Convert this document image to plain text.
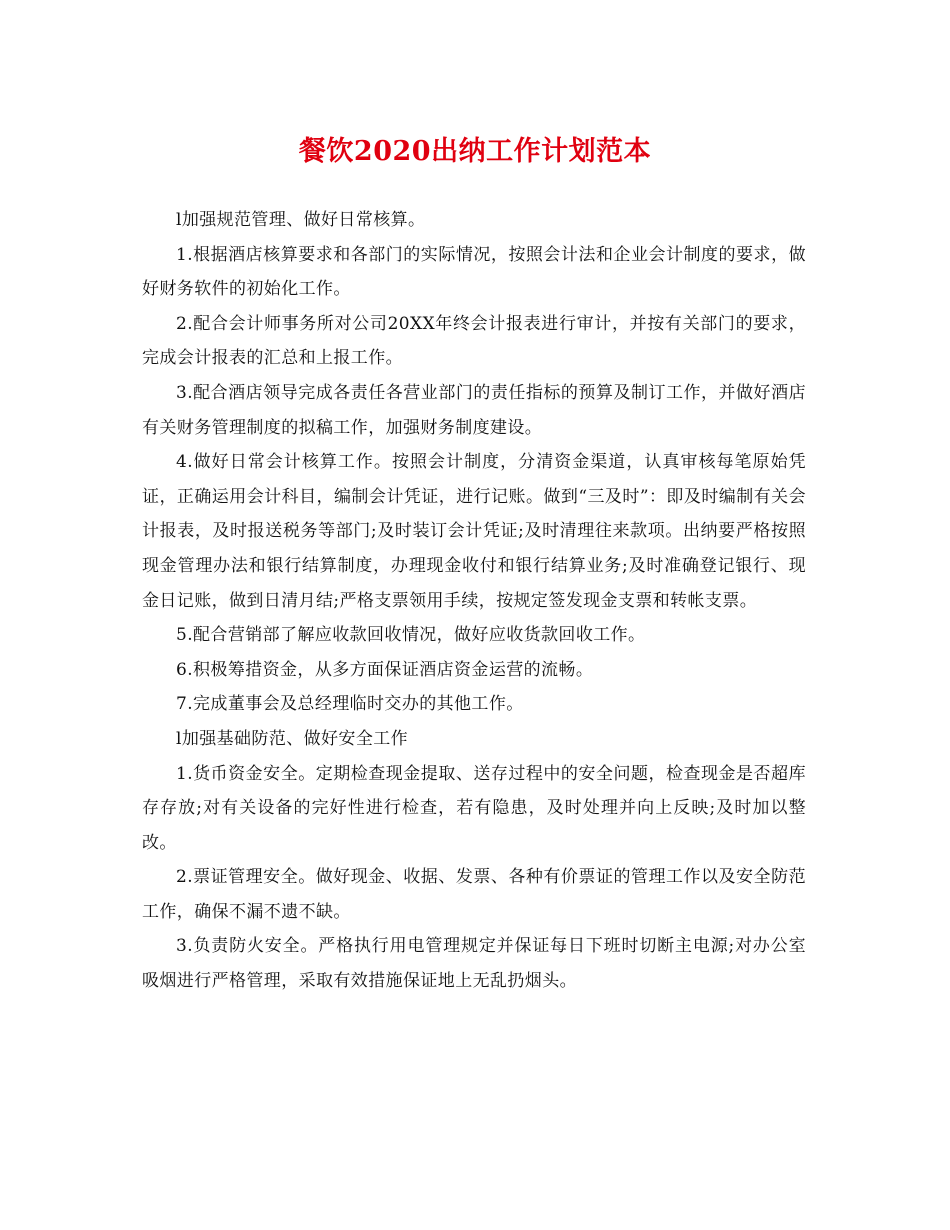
餐饮2020出纳工作计划范本

l加强规范管理、做好日常核算。

1.根据酒店核算要求和各部门的实际情况，按照会计法和企业会计制度的要求，做好财务软件的初始化工作。

2.配合会计师事务所对公司20XX年终会计报表进行审计，并按有关部门的要求，完成会计报表的汇总和上报工作。

3.配合酒店领导完成各责任各营业部门的责任指标的预算及制订工作，并做好酒店有关财务管理制度的拟稿工作，加强财务制度建设。

4.做好日常会计核算工作。按照会计制度，分清资金渠道，认真审核每笔原始凭证，正确运用会计科目，编制会计凭证，进行记账。做到“三及时”：即及时编制有关会计报表，及时报送税务等部门;及时装订会计凭证;及时清理往来款项。出纳要严格按照现金管理办法和银行结算制度，办理现金收付和银行结算业务;及时准确登记银行、现金日记账，做到日清月结;严格支票领用手续，按规定签发现金支票和转帐支票。

5.配合营销部了解应收款回收情况，做好应收货款回收工作。

6.积极筹措资金，从多方面保证酒店资金运营的流畅。

7.完成董事会及总经理临时交办的其他工作。

l加强基础防范、做好安全工作

1.货币资金安全。定期检查现金提取、送存过程中的安全问题，检查现金是否超库存存放;对有关设备的完好性进行检查，若有隐患，及时处理并向上反映;及时加以整改。

2.票证管理安全。做好现金、收据、发票、各种有价票证的管理工作以及安全防范工作，确保不漏不遗不缺。

3.负责防火安全。严格执行用电管理规定并保证每日下班时切断主电源;对办公室吸烟进行严格管理，采取有效措施保证地上无乱扔烟头。
